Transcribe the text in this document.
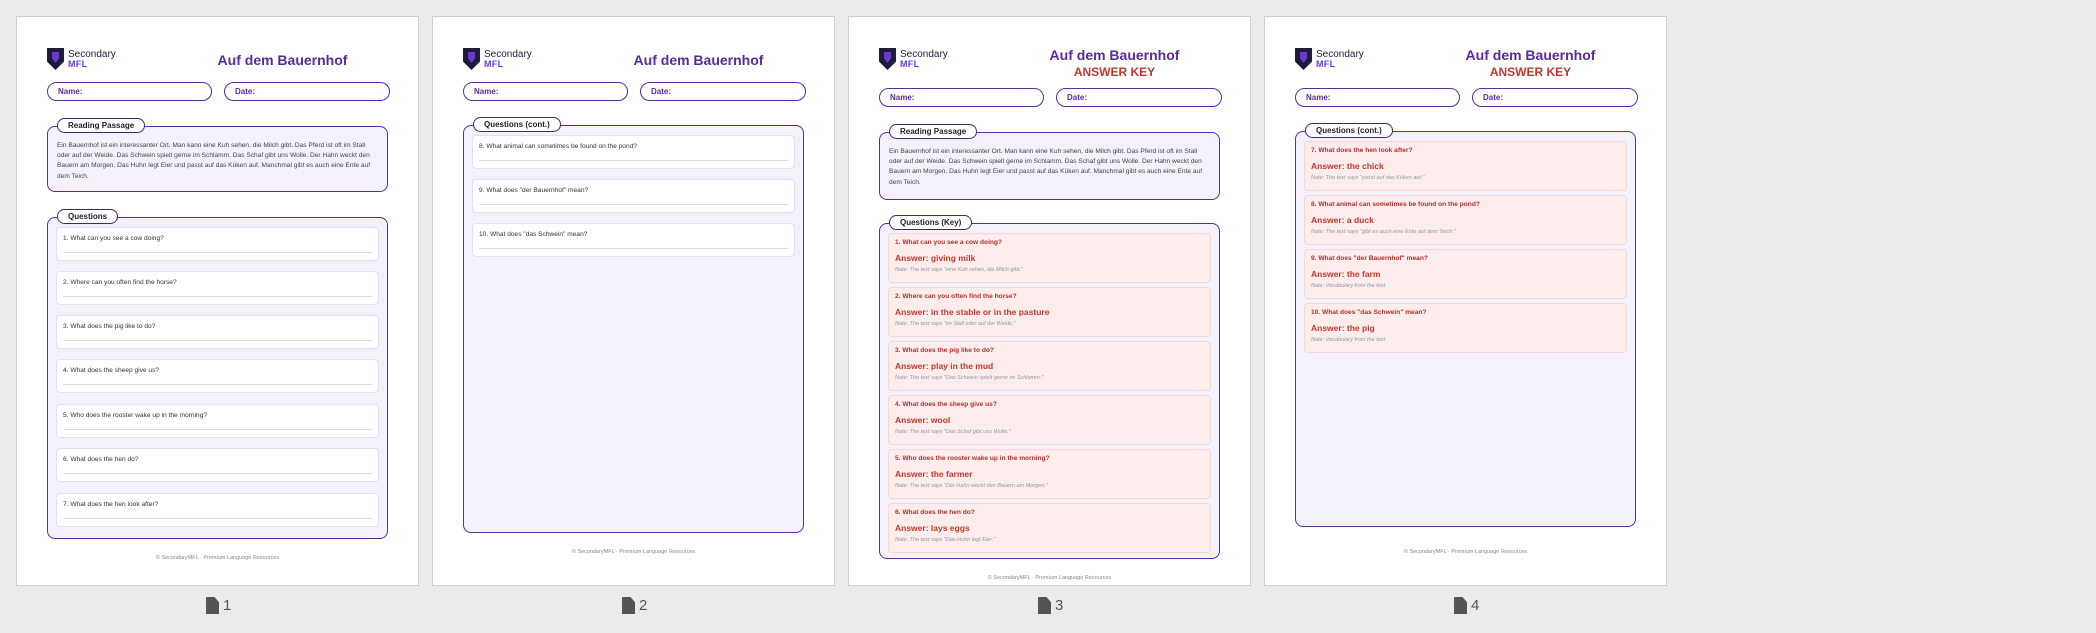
Secondary
MFL	Auf dem Bauernhof
Name:	Date:
Reading Passage
Ein Bauernhof ist ein interessanter Ort. Man kann eine Kuh sehen, die Milch gibt. Das Pferd ist oft im Stall oder auf der Weide. Das Schwein spielt gerne im Schlamm. Das Schaf gibt uns Wolle. Der Hahn weckt den Bauern am Morgen. Das Huhn legt Eier und passt auf das Küken auf. Manchmal gibt es auch eine Ente auf dem Teich.
Questions
1. What can you see a cow doing?
2. Where can you often find the horse?
3. What does the pig like to do?
4. What does the sheep give us?
5. Who does the rooster wake up in the morning?
6. What does the hen do?
7. What does the hen look after?
© SecondaryMFL · Premium Language Resources
Secondary
MFL	Auf dem Bauernhof
Name:	Date:
Questions (cont.)
8. What animal can sometimes be found on the pond?
9. What does "der Bauernhof" mean?
10. What does "das Schwein" mean?
© SecondaryMFL · Premium Language Resources
Secondary
MFL
Auf dem Bauernhof
ANSWER KEY
Name:	Date:
Reading Passage
Ein Bauernhof ist ein interessanter Ort. Man kann eine Kuh sehen, die Milch gibt. Das Pferd ist oft im Stall oder auf der Weide. Das Schwein spielt gerne im Schlamm. Das Schaf gibt uns Wolle. Der Hahn weckt den Bauern am Morgen. Das Huhn legt Eier und passt auf das Küken auf. Manchmal gibt es auch eine Ente auf dem Teich.
Questions (Key)
1. What can you see a cow doing?
Answer: giving milk
Note: The text says "eine Kuh sehen, die Milch gibt."
2. Where can you often find the horse?
Answer: in the stable or in the pasture
Note: The text says "im Stall oder auf der Weide."
3. What does the pig like to do?
Answer: play in the mud
Note: The text says "Das Schwein spielt gerne im Schlamm."
4. What does the sheep give us?
Answer: wool
Note: The text says "Das Schaf gibt uns Wolle."
5. Who does the rooster wake up in the morning?
Answer: the farmer
Note: The text says "Der Hahn weckt den Bauern am Morgen."
6. What does the hen do?
Answer: lays eggs
Note: The text says "Das Huhn legt Eier."
© SecondaryMFL · Premium Language Resources
Secondary
MFL
Auf dem Bauernhof
ANSWER KEY
Name:	Date:
Questions (cont.)
7. What does the hen look after?
Answer: the chick
Note: The text says "passt auf das Küken auf."
8. What animal can sometimes be found on the pond?
Answer: a duck
Note: The text says "gibt es auch eine Ente auf dem Teich."
9. What does "der Bauernhof" mean?
Answer: the farm
Note: Vocabulary from the text.
10. What does "das Schwein" mean?
Answer: the pig
Note: Vocabulary from the text.
© SecondaryMFL · Premium Language Resources
1	2	3	4
